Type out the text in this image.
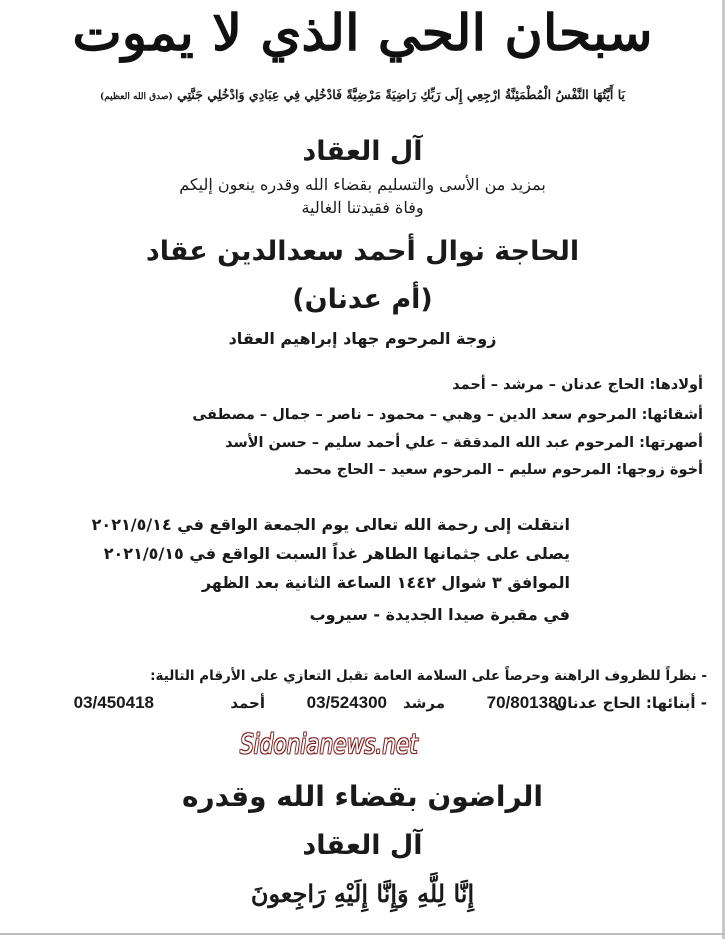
سبحان الحي الذي لا يموت
يَا أَيَّتُهَا النَّفْسُ الْمُطْمَئِنَّةُ ارْجِعِي إِلَى رَبِّكِ رَاضِيَةً مَرْضِيَّةً فَادْخُلِي فِي عِبَادِي وَادْخُلِي جَنَّتِي (صدق الله العظيم)
آل العقاد
بمزيد من الأسى والتسليم بقضاء الله وقدره ينعون إليكم
وفاة فقيدتنا الغالية
الحاجة نوال أحمد سعدالدين عقاد
(أم عدنان)
زوجة المرحوم جهاد إبراهيم العقاد
أولادها: الحاج عدنان – مرشد – أحمد
أشقائها: المرحوم سعد الدين – وهبي – محمود – ناصر – جمال – مصطفى
أصهرتها: المرحوم عبد الله المدققة – علي أحمد سليم – حسن الأسد
أخوة زوجها: المرحوم سليم – المرحوم سعيد – الحاج محمد
انتقلت إلى رحمة الله تعالى يوم الجمعة الواقع في ٢٠٢١/٥/١٤
يصلى على جثمانها الطاهر غداً السبت الواقع في ٢٠٢١/٥/١٥
الموافق ٣ شوال ١٤٤٢ الساعة الثانية بعد الظهر
في مقبرة صيدا الجديدة - سيروب
- نظراً للظروف الراهنة وحرصاً على السلامة العامة تقبل التعازي على الأرقام التالية:
- أبنائها: الحاج عدنان
70/801380
مرشد
03/524300
أحمد
03/450418
Sidonianews.net
الراضون بقضاء الله وقدره
آل العقاد
إِنَّا لِلَّهِ وَإِنَّا إِلَيْهِ رَاجِعونَ
